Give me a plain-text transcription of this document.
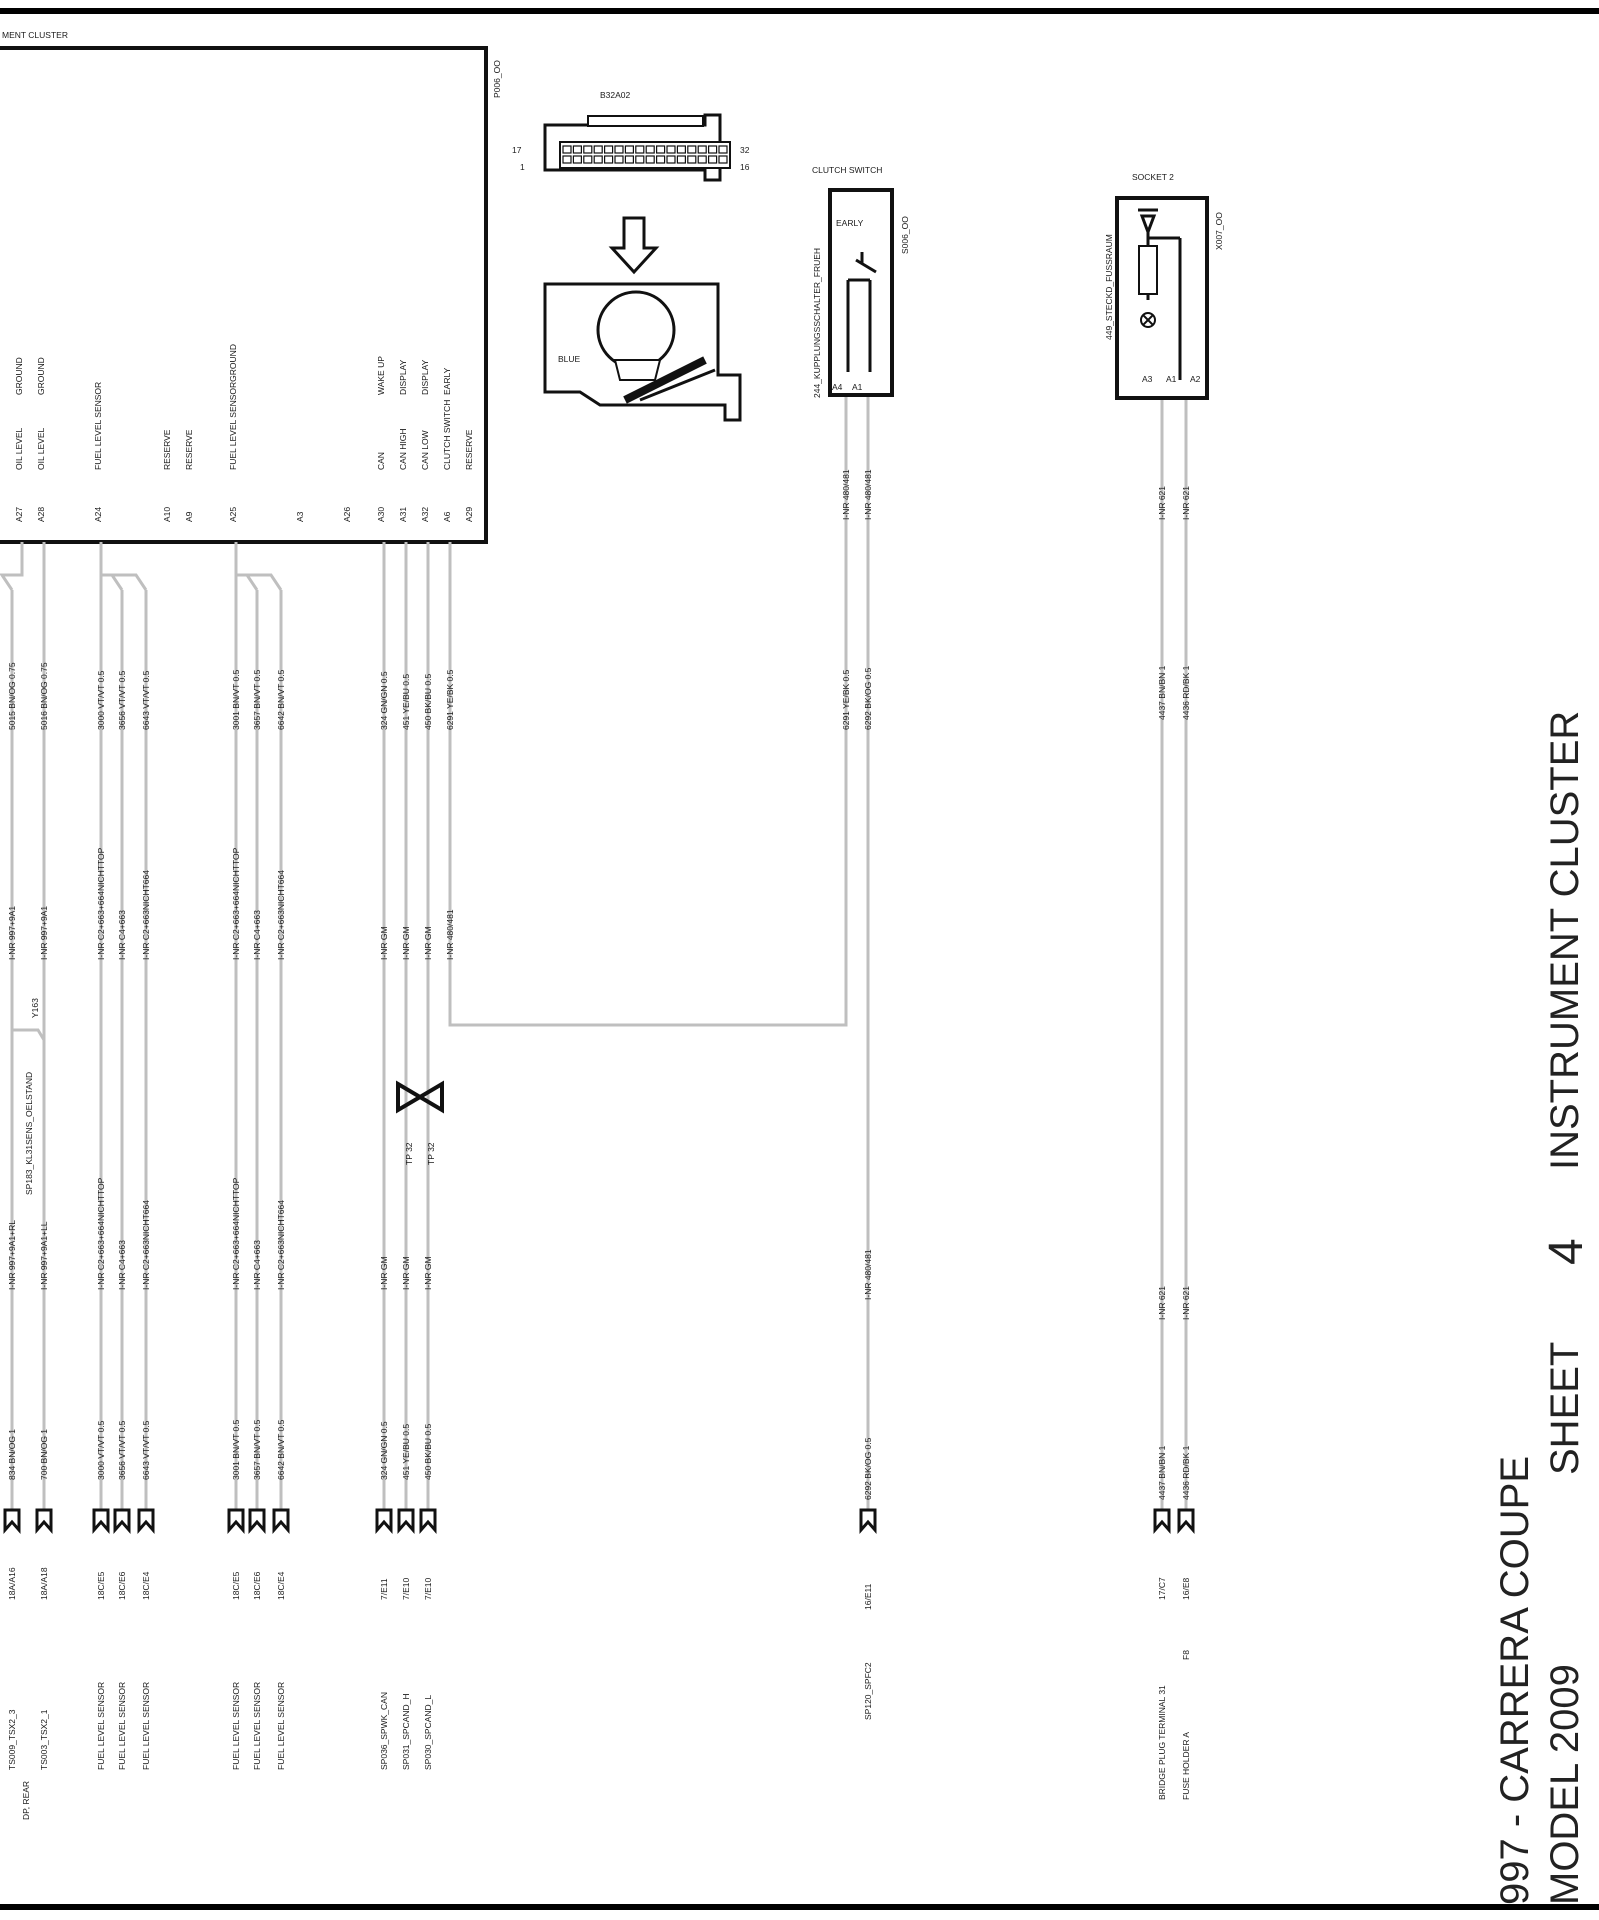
MENT CLUSTER
P006_OO
A27
OIL LEVEL
GROUND
A28
OIL LEVEL
GROUND
A24
FUEL LEVEL SENSOR
A10
RESERVE
A9
RESERVE
A25
FUEL LEVEL SENSORGROUND
A3	A26	A30
CAN
WAKE UP
A31
CAN HIGH
DISPLAY
A32
CAN LOW
DISPLAY
A6
CLUTCH SWITCH
EARLY
A29
RESERVE
5015 BN/OG 0.75
I-NR 997+9A1
I-NR 997+9A1+RL
834 BN/OG 1
5016 BN/OG 0.75
I-NR 997+9A1
I-NR 997+9A1+LL
700 BN/OG 1
3000 VT/VT 0.5
I-NR C2+663+664NICHTTOP
I-NR C2+663+664NICHTTOP
3000 VT/VT 0.5
3656 VT/VT 0.5
I-NR C4+663
I-NR C4+663
3656 VT/VT 0.5
6643 VT/VT 0.5
I-NR C2+663NICHT664
I-NR C2+663NICHT664
6643 VT/VT 0.5
3001 BN/VT 0.5
I-NR C2+663+664NICHTTOP
I-NR C2+663+664NICHTTOP
3001 BN/VT 0.5
3657 BN/VT 0.5
I-NR C4+663
I-NR C4+663
3657 BN/VT 0.5
6642 BN/VT 0.5
I-NR C2+663NICHT664
I-NR C2+663NICHT664
6642 BN/VT 0.5
324 GN/GN 0.5
I-NR GM
I-NR GM
324 GN/GN 0.5
451 YE/BU 0.5
I-NR GM
I-NR GM
451 YE/BU 0.5
450 BK/BU 0.5
I-NR GM
I-NR GM
450 BK/BU 0.5
6291 YE/BK 0.5
I-NR 480/481
I-NR 480/481
6291 YE/BK 0.5
I-NR 480/481
6292 BK/OG 0.5
I-NR 480/481
6292 BK/OG 0.5
I-NR 621
4437 BN/BN 1
I-NR 621
4437 BN/BN 1
I-NR 621
4436 RD/BK 1
I-NR 621
4436 RD/BK 1
18A/A16
TS009_TSX2_3
18A/A18
TS003_TSX2_1
DP, REAR
18C/E5
FUEL LEVEL SENSOR
18C/E6
FUEL LEVEL SENSOR
18C/E4
FUEL LEVEL SENSOR
18C/E5
FUEL LEVEL SENSOR
18C/E6
FUEL LEVEL SENSOR
18C/E4
FUEL LEVEL SENSOR
7/E11
SP036_SPWK_CAN
7/E10
SP031_SPCAND_H
7/E10
SP030_SPCAND_L
16/E11
SP120_SPFC2
17/C7
BRIDGE PLUG TERMINAL 31
16/E8
FUSE HOLDER A
F8
Y163
SP183_KL31SENS_OELSTAND	TP 32 TP 32
B32A02
17
1
32
16
BLUE
CLUTCH SWITCH
EARLY	S006_OO
244_KUPPLUNGSSCHALTER_FRUEH A4 A1
SOCKET 2
X007_OO
449_STECKD_FUSSRAUM
A3 A1 A2
997 - CARRERA COUPE MODEL 2009
SHEET
4
INSTRUMENT CLUSTER
